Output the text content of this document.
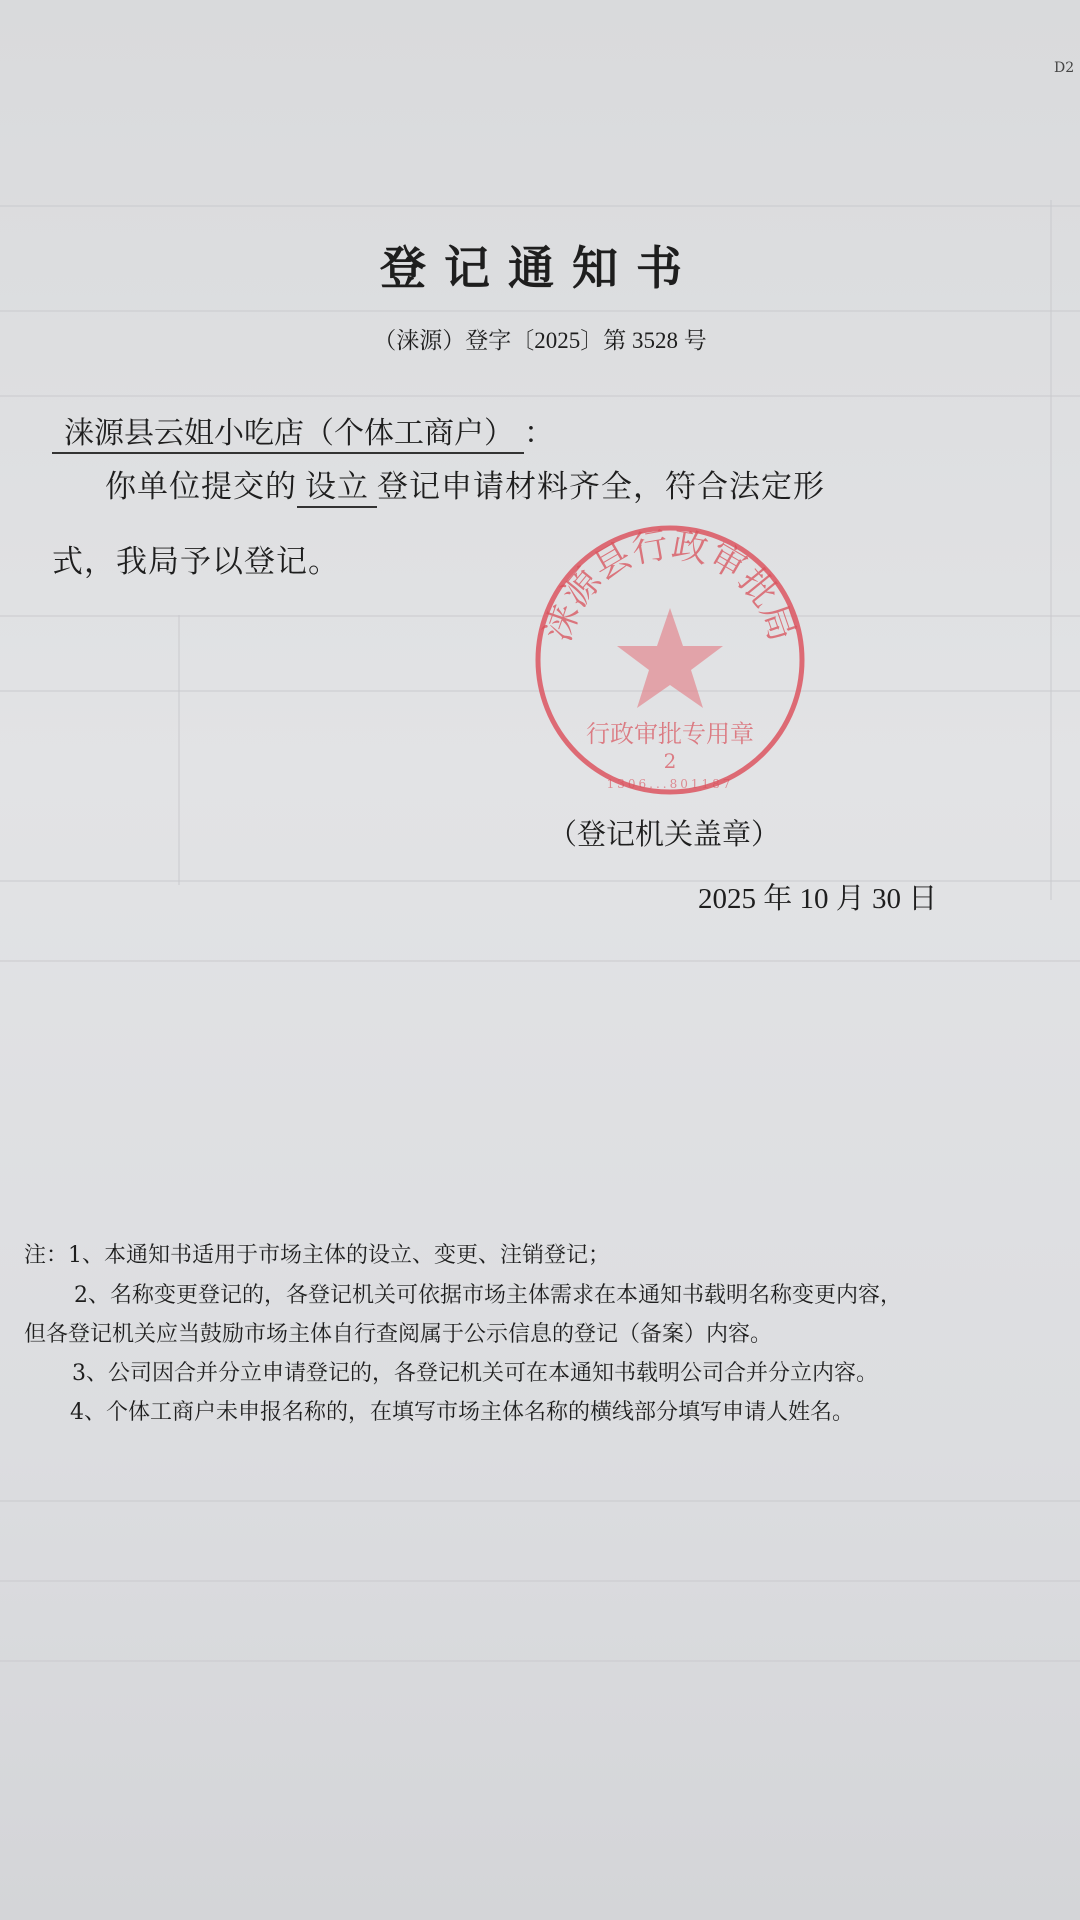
D2
登记通知书
（涞源）登字〔2025〕第 3528 号
涞源县云姐小吃店（个体工商户） ：
你单位提交的 设立 登记申请材料齐全，符合法定形
式，我局予以登记。
涞源县行政审批局
行政审批专用章
2
1306...801187
（登记机关盖章）
2025 年 10 月 30 日
注：1、本通知书适用于市场主体的设立、变更、注销登记；
2、名称变更登记的，各登记机关可依据市场主体需求在本通知书载明名称变更内容，
但各登记机关应当鼓励市场主体自行查阅属于公示信息的登记（备案）内容。
3、公司因合并分立申请登记的，各登记机关可在本通知书载明公司合并分立内容。
4、个体工商户未申报名称的，在填写市场主体名称的横线部分填写申请人姓名。
